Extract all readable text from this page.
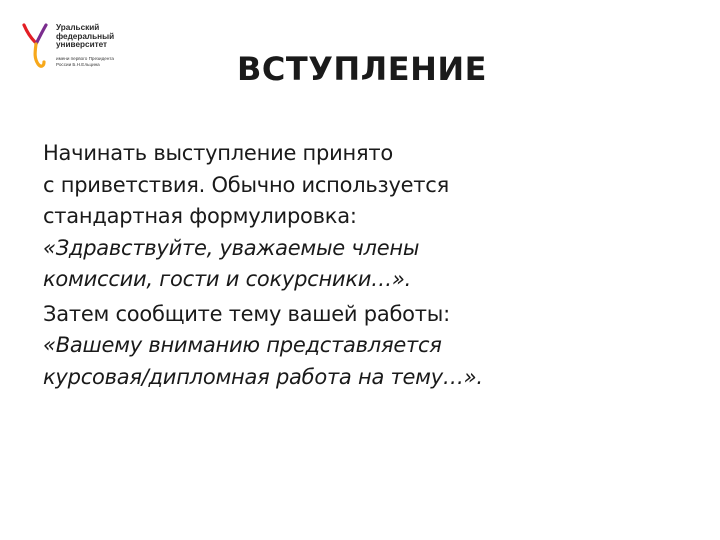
Уральский
федеральный
университет
имени первого Президента
России Б.Н.Ельцина	ВСТУПЛЕНИЕ

Начинать выступление принято
с приветствия. Обычно используется
стандартная формулировка:
«Здравствуйте, уважаемые члены
комиссии, гости и сокурсники…».

Затем сообщите тему вашей работы:
«Вашему вниманию представляется
курсовая/дипломная работа на тему…».
